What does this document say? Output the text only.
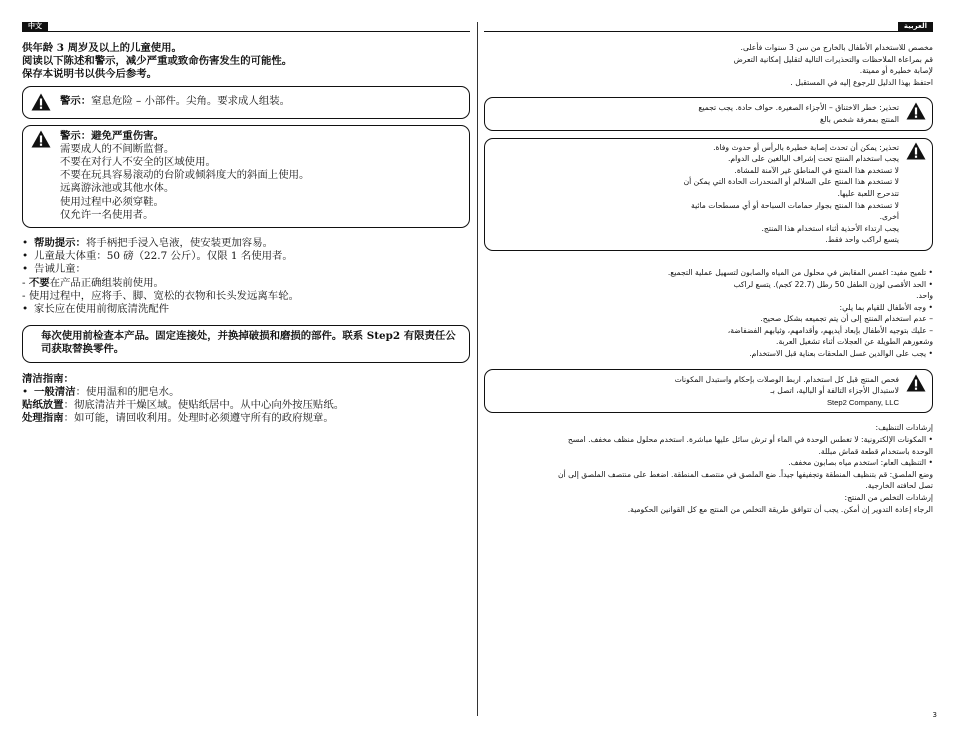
中文

供年龄 3 周岁及以上的儿童使用。

阅读以下陈述和警示，减少严重或致命伤害发生的可能性。

保存本说明书以供今后参考。

警示：窒息危险 – 小部件。尖角。要求成人组装。

警示：避免严重伤害。

需要成人的不间断监督。

不要在对行人不安全的区域使用。

不要在玩具容易滚动的台阶或倾斜度大的斜面上使用。

远离游泳池或其他水体。

使用过程中必须穿鞋。

仅允许一名使用者。

• 帮助提示：将手柄把手浸入皂液，使安装更加容易。
• 儿童最大体重：50 磅（22.7 公斤）。仅限 1 名使用者。
• 告诫儿童：

- 不要在产品正确组装前使用。

- 使用过程中，应将手、脚、宽松的衣物和长头发远离车轮。

• 家长应在使用前彻底清洗配件

每次使用前检查本产品。固定连接处，并换掉破损和磨损的部件。联系 Step2 有限责任公司获取替换零件。

清洁指南：

• 一般清洁：使用温和的肥皂水。

贴纸放置：彻底清洁并干燥区域。使贴纸居中。从中心向外按压贴纸。

处理指南：如可能，请回收利用。处理时必须遵守所有的政府规章。

العربية

مخصص للاستخدام الأطفال بالخارج من سن 3 سنوات فأعلى.

قم بمراعاة الملاحظات والتحذيرات التالية لتقليل إمكانية التعرض

لإصابة خطيرة أو مميتة.

احتفظ بهذا الدليل للرجوع إليه في المستقبل .

تحذير: خطر الاختناق – الأجزاء الصغيرة. حواف حادة. يجب تجميع

المنتج بمعرفة شخص بالغ

تحذير: يمكن أن تحدث إصابة خطيرة بالرأس أو حدوث وفاة.

يجب استخدام المنتج تحت إشراف البالغين على الدوام.

لا تستخدم هذا المنتج في المناطق غير الآمنة للمشاة.

لا تستخدم هذا المنتج على السلالم أو المنحدرات الحادة التي يمكن أن

تتدحرج اللعبة عليها.

لا تستخدم هذا المنتج بجوار حمامات السباحة أو أي مسطحات مائية

أخرى.

يجب ارتداء الأحذية أثناء استخدام هذا المنتج.

يتسع لراكب واحد فقط.

• تلميح مفيد: اغمس المقابض في محلول من المياه والصابون لتسهيل عملية التجميع.

• الحد الأقصى لوزن الطفل 50 رطل (22.7 كجم). يتسع لراكب

واحد.

• وجه الأطفال للقيام بما يلي:

– عدم استخدام المنتج إلى أن يتم تجميعه بشكل صحيح.

– عليك بتوجيه الأطفال بإبعاد أيديهم، وأقدامهم، وثيابهم الفضفاضة،

وشعورهم الطويلة عن العجلات أثناء تشغيل العربة.

• يجب على الوالدين غسل الملحقات بعناية قبل الاستخدام.

فحص المنتج قبل كل استخدام. اربط الوصلات بإحكام واستبدل المكونات

لاستبدال الأجزاء التالفة أو البالية، اتصل بـ

Step2 Company, LLC

إرشادات التنظيف:

• المكونات الإلكترونية: لا تغطس الوحدة في الماء أو ترش سائل عليها مباشرة. استخدم محلول منظف مخفف. امسح

الوحدة باستخدام قطعة قماش مبللة.

• التنظيف العام: استخدم مياه بصابون مخفف.

وضع الملصق: قم بتنظيف المنطقة وتجفيفها جيداً. ضع الملصق في منتصف المنطقة. اضغط على منتصف الملصق إلى أن

تصل لحافته الخارجية.

إرشادات التخلص من المنتج:

الرجاء إعادة التدوير إن أمكن. يجب أن تتوافق طريقة التخلص من المنتج مع كل القوانين الحكومية.

3
